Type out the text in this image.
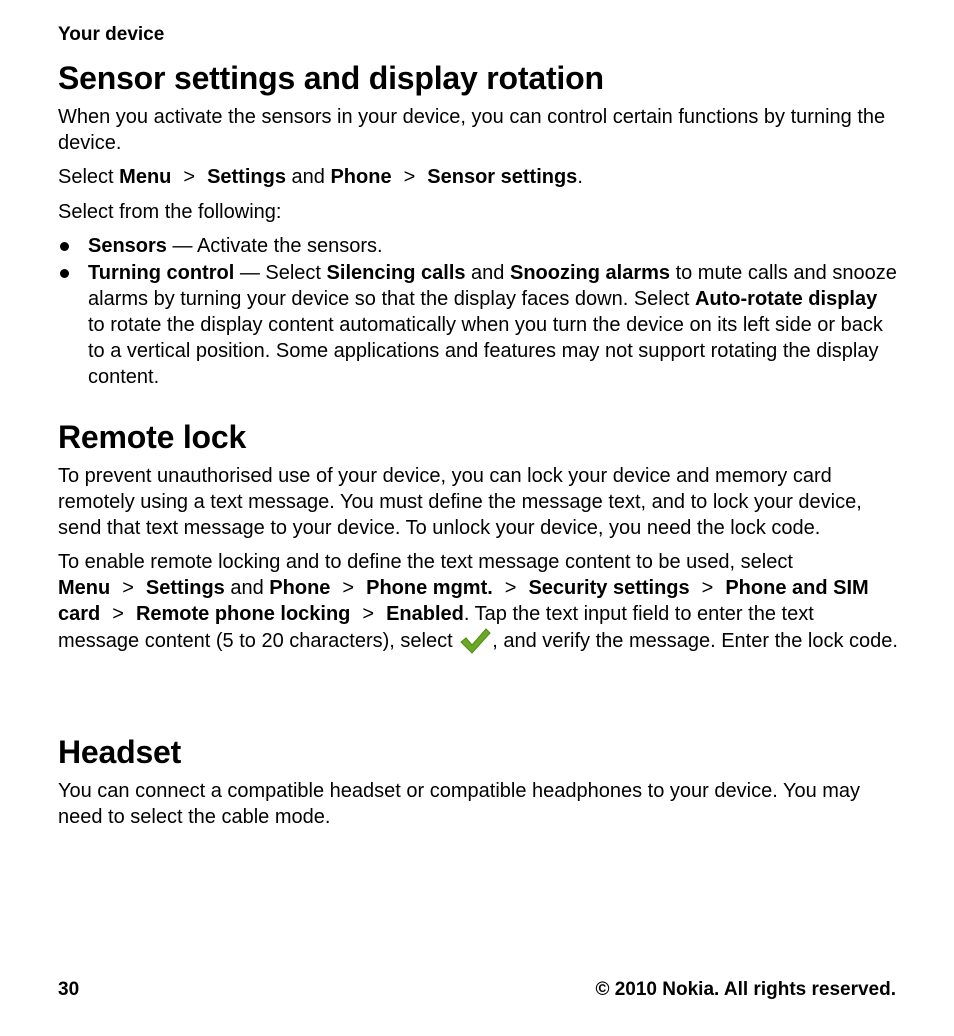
Your device
Sensor settings and display rotation

When you activate the sensors in your device, you can control certain functions by turning the device.

Select Menu > Settings and Phone > Sensor settings.

Select from the following:

Sensors — Activate the sensors.
Turning control — Select Silencing calls and Snoozing alarms to mute calls and snooze alarms by turning your device so that the display faces down. Select Auto-rotate display to rotate the display content automatically when you turn the device on its left side or back to a vertical position. Some applications and features may not support rotating the display content.
Remote lock

To prevent unauthorised use of your device, you can lock your device and memory card remotely using a text message. You must define the message text, and to lock your device, send that text message to your device. To unlock your device, you need the lock code.

To enable remote locking and to define the text message content to be used, select Menu > Settings and Phone > Phone mgmt. > Security settings > Phone and SIM card > Remote phone locking > Enabled. Tap the text input field to enter the text message content (5 to 20 characters), select , and verify the message. Enter the lock code.

Headset

You can connect a compatible headset or compatible headphones to your device. You may need to select the cable mode.

30	© 2010 Nokia. All rights reserved.
